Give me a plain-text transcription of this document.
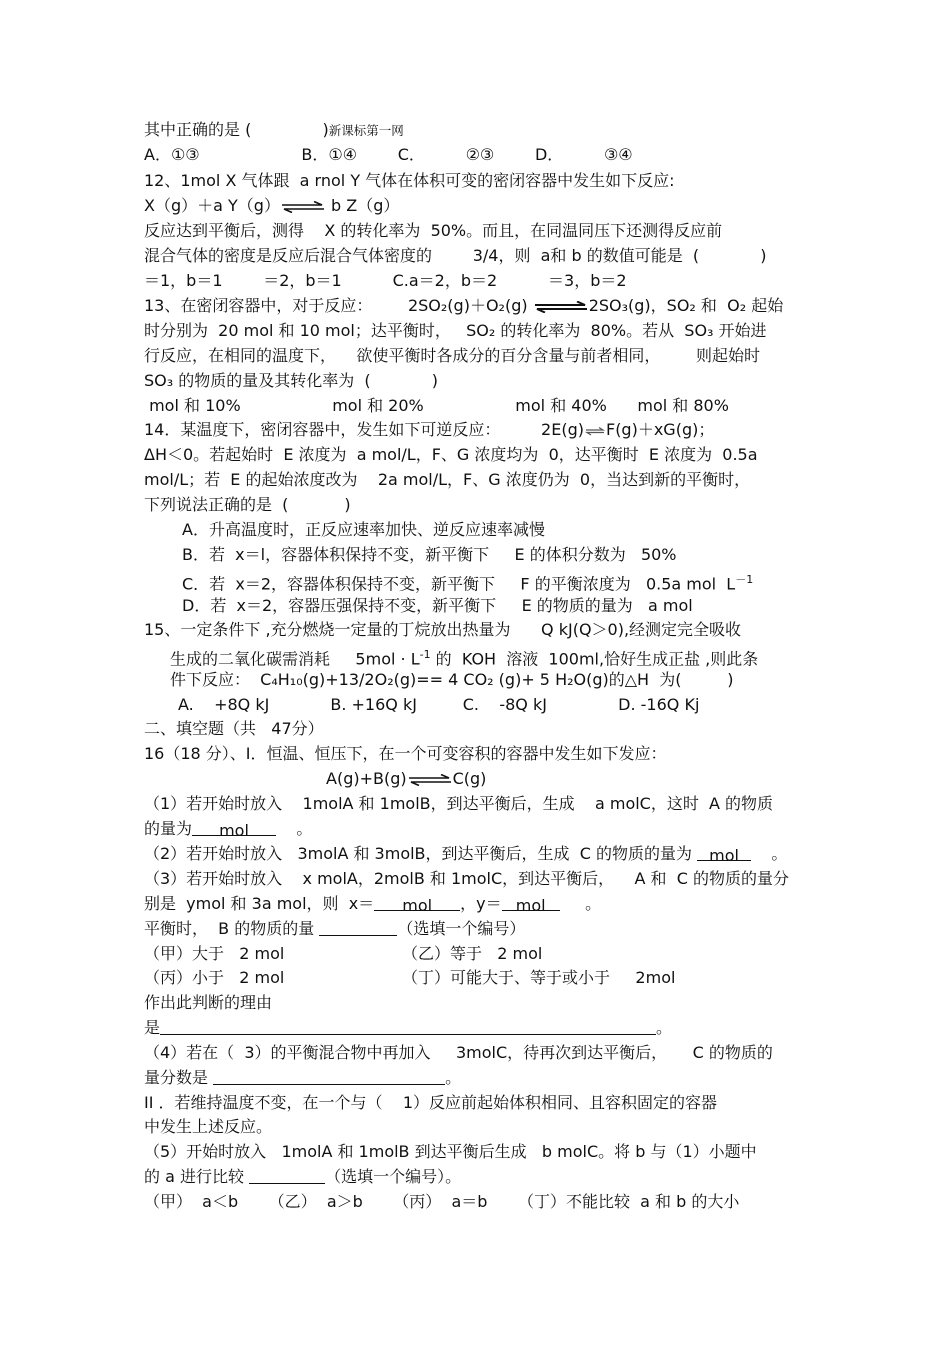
其中正确的是 (              )新课标第一网
A．①③                    B．①④        C．        ②③        D．        ③④
12、1mol X 气体跟  a rnol Y 气体在体积可变的密闭容器中发生如下反应:
X（g）＋a Y（g）⇌ b Z（g）
反应达到平衡后，测得    X 的转化率为  50%。而且，在同温同压下还测得反应前
混合气体的密度是反应后混合气体密度的        3/4，则  a和 b 的数值可能是  (            )
＝1，b＝1        ＝2，b＝1          C.a＝2，b＝2          ＝3，b＝2
13、在密闭容器中，对于反应：       2SO₂(g)＋O₂(g) ⇌2SO₃(g)，SO₂ 和  O₂ 起始
时分别为  20 mol 和 10 mol；达平衡时，   SO₂ 的转化率为  80%。若从  SO₃ 开始进
行反应，在相同的温度下，    欲使平衡时各成分的百分含量与前者相同，       则起始时
SO₃ 的物质的量及其转化率为  (            )
mol 和 10%                  mol 和 20%                  mol 和 40%      mol 和 80%
14．某温度下，密闭容器中，发生如下可逆反应：        2E(g)⇌F(g)＋xG(g)；
ΔH＜0。若起始时  E 浓度为  a mol/L，F、G 浓度均为  0，达平衡时  E 浓度为  0.5a
mol/L；若  E 的起始浓度改为    2a mol/L，F、G 浓度仍为  0，当达到新的平衡时，
下列说法正确的是  (           )
A．升高温度时，正反应速率加快、逆反应速率减慢
B．若  x＝l，容器体积保持不变，新平衡下     E 的体积分数为   50%
C．若  x＝2，容器体积保持不变，新平衡下     F 的平衡浓度为   0.5a mol  $L^{-1}$
D．若  x＝2，容器压强保持不变，新平衡下     E 的物质的量为   a mol
15、一定条件下 ,充分燃烧一定量的丁烷放出热量为      Q kJ(Q＞0),经测定完全吸收
生成的二氧化碳需消耗     $5mol \cdot L^{-1}$ 的  KOH  溶液  100ml,恰好生成正盐 ,则此条
件下反应：  C₄H₁₀(g)+13/2O₂(g)== 4 CO₂ (g)+ 5 H₂O(g)的△H  为(         )
A.    +8Q kJ            B. +16Q kJ         C.    -8Q kJ              D. -16Q Kj
二、填空题（共   47分）
16（18 分）、I．恒温、恒压下，在一个可变容积的容器中发生如下发应：
A(g)+B(g)⇌C(g)
（1）若开始时放入    1molA 和 1molB，到达平衡后，生成    a molC，这时  A 的物质
的量为 mol	。
（2）若开始时放入   3molA 和 3molB，到达平衡后，生成  C 的物质的量为 mol 。
（3）若开始时放入    x molA，2molB 和 1molC，到达平衡后，    A 和  C 的物质的量分
别是  ymol 和 3a mol，则  x＝ mol ，y＝ mol 。
平衡时，  B 的物质的量	（选填一个编号）
（甲）大于   2 mol	（乙）等于   2 mol
（丙）小于   2 mol	（丁）可能大于、等于或小于     2mol
作出此判断的理由
是	。
（4）若在（  3）的平衡混合物中再加入     3molC，待再次到达平衡后，     C 的物质的
量分数是	。
II ．若维持温度不变，在一个与（    1）反应前起始体积相同、且容积固定的容器
中发生上述反应。
（5）开始时放入   1molA 和 1molB 到达平衡后生成   b molC。将 b 与（1）小题中
的 a 进行比较	（选填一个编号）。
（甲）  a＜b      （乙）  a＞b      （丙）  a＝b      （丁）不能比较  a 和 b 的大小
